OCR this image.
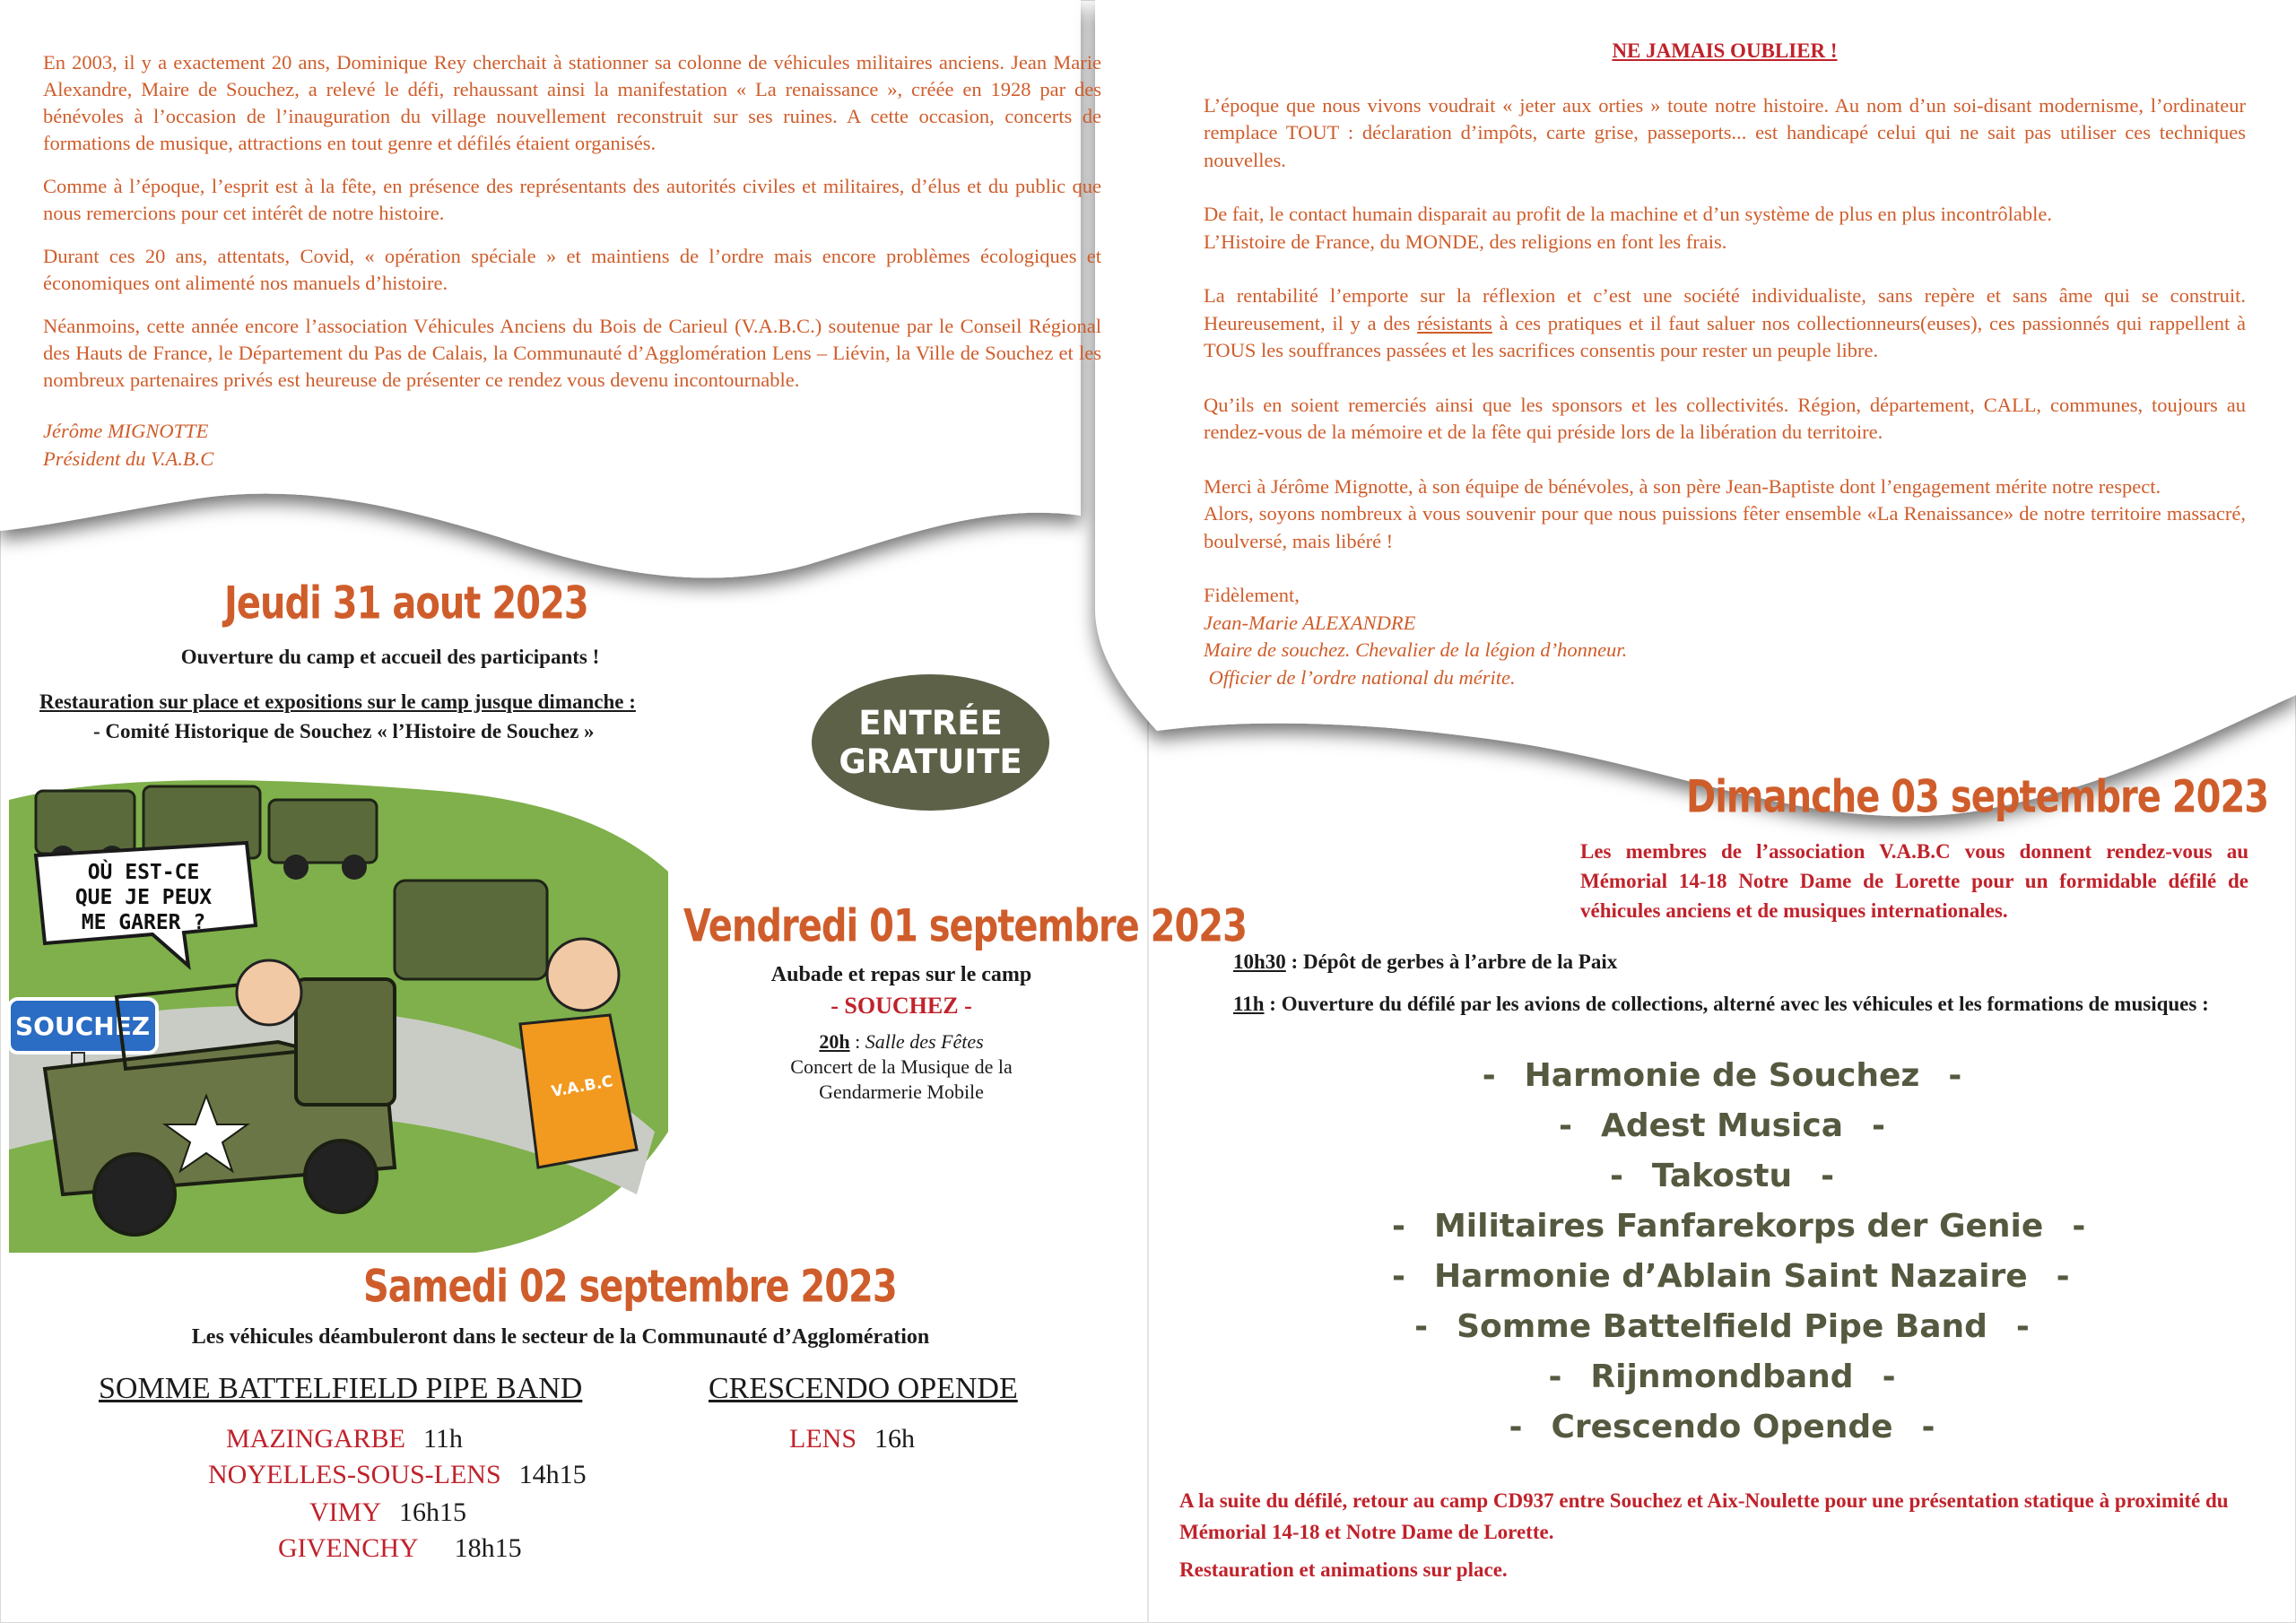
En 2003, il y a exactement 20 ans, Dominique Rey cherchait à stationner sa colonne de véhicules militaires anciens. Jean Marie Alexandre, Maire de Souchez, a relevé le défi, rehaussant ainsi la manifestation « La renaissance », créée en 1928 par des bénévoles à l’occasion de l’inauguration du village nouvellement reconstruit sur ses ruines. A cette occasion, concerts de formations de musique, attractions en tout genre et défilés étaient organisés.

Comme à l’époque, l’esprit est à la fête, en présence des représentants des autorités civiles et militaires, d’élus et du public que nous remercions pour cet intérêt de notre histoire.

Durant ces 20 ans, attentats, Covid, « opération spéciale » et maintiens de l’ordre mais encore problèmes écologiques et économiques ont alimenté nos manuels d’histoire.

Néanmoins, cette année encore l’association Véhicules Anciens du Bois de Carieul (V.A.B.C.) soutenue par le Conseil Régional des Hauts de France, le Département du Pas de Calais, la Communauté d’Agglomération Lens – Liévin, la Ville de Souchez et les nombreux partenaires privés est heureuse de présenter ce rendez vous devenu incontournable.

Jérôme MIGNOTTE
Président du V.A.B.C
NE JAMAIS OUBLIER !

L’époque que nous vivons voudrait « jeter aux orties » toute notre histoire. Au nom d’un soi-disant modernisme, l’ordinateur remplace TOUT : déclaration d’impôts, carte grise, passeports... est handicapé celui qui ne sait pas utiliser ces techniques nouvelles.

De fait, le contact humain disparait au profit de la machine et d’un système de plus en plus incontrôlable.

L’Histoire de France, du MONDE, des religions en font les frais.

La rentabilité l’emporte sur la réflexion et c’est une société individualiste, sans repère et sans âme qui se construit. Heureusement, il y a des résistants à ces pratiques et il faut saluer nos collectionneurs(euses), ces passionnés qui rappellent à TOUS les souffrances passées et les sacrifices consentis pour rester un peuple libre.

Qu’ils en soient remerciés ainsi que les sponsors et les collectivités. Région, département, CALL, communes, toujours au rendez-vous de la mémoire et de la fête qui préside lors de la libération du territoire.

Merci à Jérôme Mignotte, à son équipe de bénévoles, à son père Jean-Baptiste dont l’engagement mérite notre respect.

Alors, soyons nombreux à vous souvenir pour que nous puissions fêter ensemble «La Renaissance» de notre territoire massacré, boulversé, mais libéré !

Fidèlement,
Jean-Marie ALEXANDRE
Maire de souchez. Chevalier de la légion d’honneur.
Officier de l’ordre national du mérite.
Jeudi 31 aout 2023
Ouverture du camp et accueil des participants !
Restauration sur place et expositions sur le camp jusque dimanche :
- Comité Historique de Souchez « l’Histoire de Souchez »	ENTRÉE
GRATUITE
OÙ EST-CE
QUE JE PEUX
ME GARER ?
SOUCHEZ
V.A.B.C
Vendredi 01 septembre 2023
Aubade et repas sur le camp
- SOUCHEZ -
20h : Salle des Fêtes
Concert de la Musique de la
Gendarmerie Mobile
Samedi 02 septembre 2023
Les véhicules déambuleront dans le secteur de la Communauté d’Agglomération
SOMME BATTELFIELD PIPE BAND	CRESCENDO OPENDE
MAZINGARBE 11h
NOYELLES-SOUS-LENS 14h15
VIMY 16h15
GIVENCHY 18h15
LENS 16h
Dimanche 03 septembre 2023
Les membres de l’association V.A.B.C vous donnent rendez-vous au Mémorial 14-18 Notre Dame de Lorette pour un formidable défilé de véhicules anciens et de musiques internationales.
10h30 : Dépôt de gerbes à l’arbre de la Paix
11h : Ouverture du défilé par les avions de collections, alterné avec les véhicules et les formations de musiques :
- Harmonie de Souchez -
- Adest Musica -
- Takostu -
- Militaires Fanfarekorps der Genie -
- Harmonie d’Ablain Saint Nazaire -
- Somme Battelfield Pipe Band -
- Rijnmondband -
- Crescendo Opende -
A la suite du défilé, retour au camp CD937 entre Souchez et Aix-Noulette pour une présentation statique à proximité du Mémorial 14-18 et Notre Dame de Lorette.
Restauration et animations sur place.
